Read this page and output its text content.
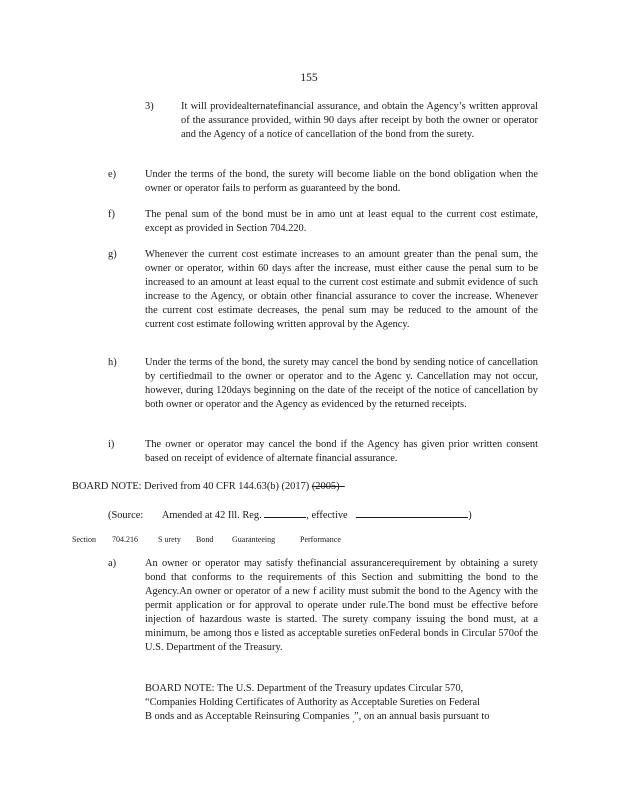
155
3)	It will providealternatefinancial assurance, and obtain the Agency’s written approval of the assurance provided, within 90 days after receipt by both the owner or operator and the Agency of a notice of cancellation of the bond from the surety.
e)	Under the terms of the bond, the surety will become liable on the bond obligation when the owner or operator fails to perform as guaranteed by the bond.
f)	The penal sum of the bond must be in amo unt at least equal to the current cost estimate, except as provided in Section 704.220.
g)	Whenever the current cost estimate increases to an amount greater than the penal sum, the owner or operator, within 60 days after the increase, must either cause the penal sum to be increased to an amount at least equal to the current cost estimate and submit evidence of such increase to the Agency, or obtain other financial assurance to cover the increase. Whenever the current cost estimate decreases, the penal sum may be reduced to the amount of the current cost estimate following written approval by the Agency.
h)	Under the terms of the bond, the surety may cancel the bond by sending notice of cancellation by certifiedmail to the owner or operator and to the Agenc y. Cancellation may not occur, however, during 120days beginning on the date of the receipt of the notice of cancellation by both owner or operator and the Agency as evidenced by the returned receipts.
i)	The owner or operator may cancel the bond if the Agency has given prior written consent based on receipt of evidence of alternate financial assurance.
BOARD NOTE: Derived from 40 CFR 144.63(b) (2017) (2005)
(Source: Amended at 42 Ill. Reg.	, effective	)
Section 704.216	S urety Bond Guaranteeing	Performance
a)	An owner or operator may satisfy thefinancial assurancerequirement by obtaining a surety bond that conforms to the requirements of this Section and submitting the bond to the Agency.An owner or operator of a new f acility must submit the bond to the Agency with the permit application or for approval to operate under rule.The bond must be effective before injection of hazardous waste is started. The surety company issuing the bond must, at a minimum, be among thos e listed as acceptable sureties onFederal bonds in Circular 570of the U.S. Department of the Treasury.
BOARD NOTE: The U.S. Department of the Treasury updates Circular 570,
“Companies Holding Certificates of Authority as Acceptable Sureties on Federal
B onds and as Acceptable Reinsuring Companies $_,$”, on an annual basis pursuant to
